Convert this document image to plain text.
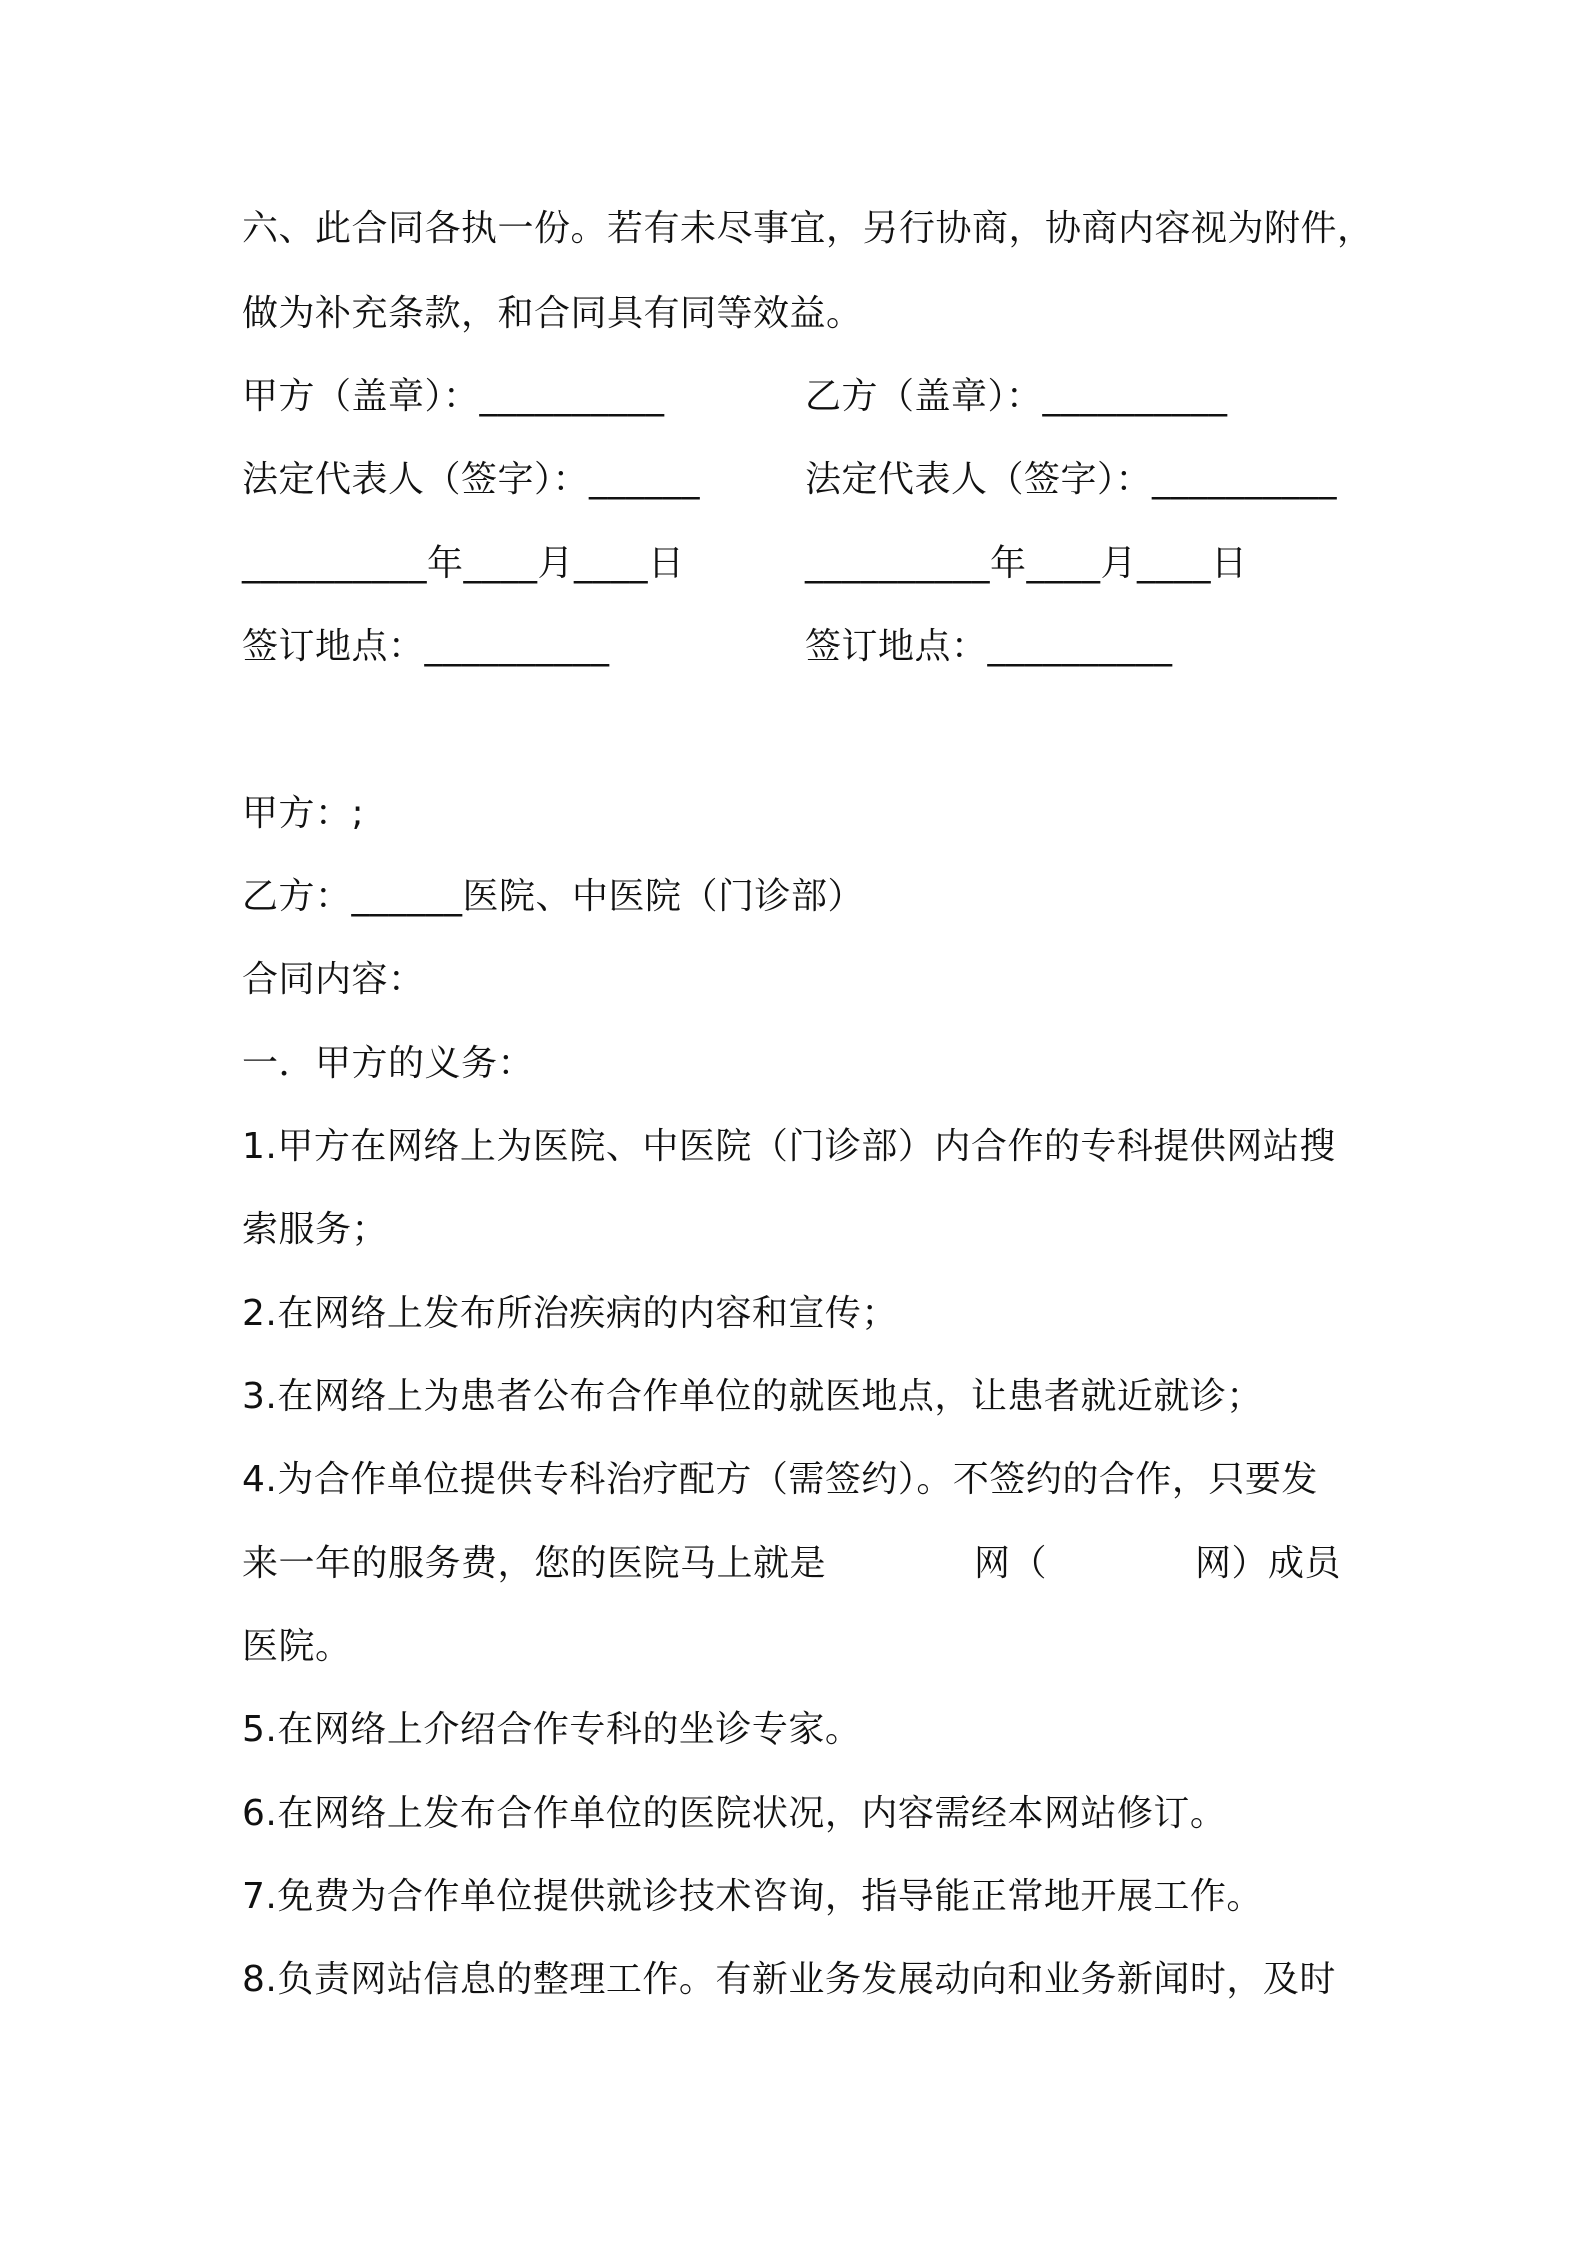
六、此合同各执一份。若有未尽事宜，另行协商，协商内容视为附件，
做为补充条款，和合同具有同等效益。
甲方（盖章）：__________	乙方（盖章）：__________
法定代表人（签字）：______	法定代表人（签字）：__________
__________年____月____日	__________年____月____日
签订地点：__________	签订地点：__________
甲方：;
乙方：______医院、中医院（门诊部）
合同内容：
一．甲方的义务：
1.甲方在网络上为医院、中医院（门诊部）内合作的专科提供网站搜
索服务；
2.在网络上发布所治疾病的内容和宣传；
3.在网络上为患者公布合作单位的就医地点，让患者就近就诊；
4.为合作单位提供专科治疗配方（需签约）。不签约的合作，只要发
来一年的服务费，您的医院马上就是	网（	网）成员
医院。
5.在网络上介绍合作专科的坐诊专家。
6.在网络上发布合作单位的医院状况，内容需经本网站修订。
7.免费为合作单位提供就诊技术咨询，指导能正常地开展工作。
8.负责网站信息的整理工作。有新业务发展动向和业务新闻时，及时
